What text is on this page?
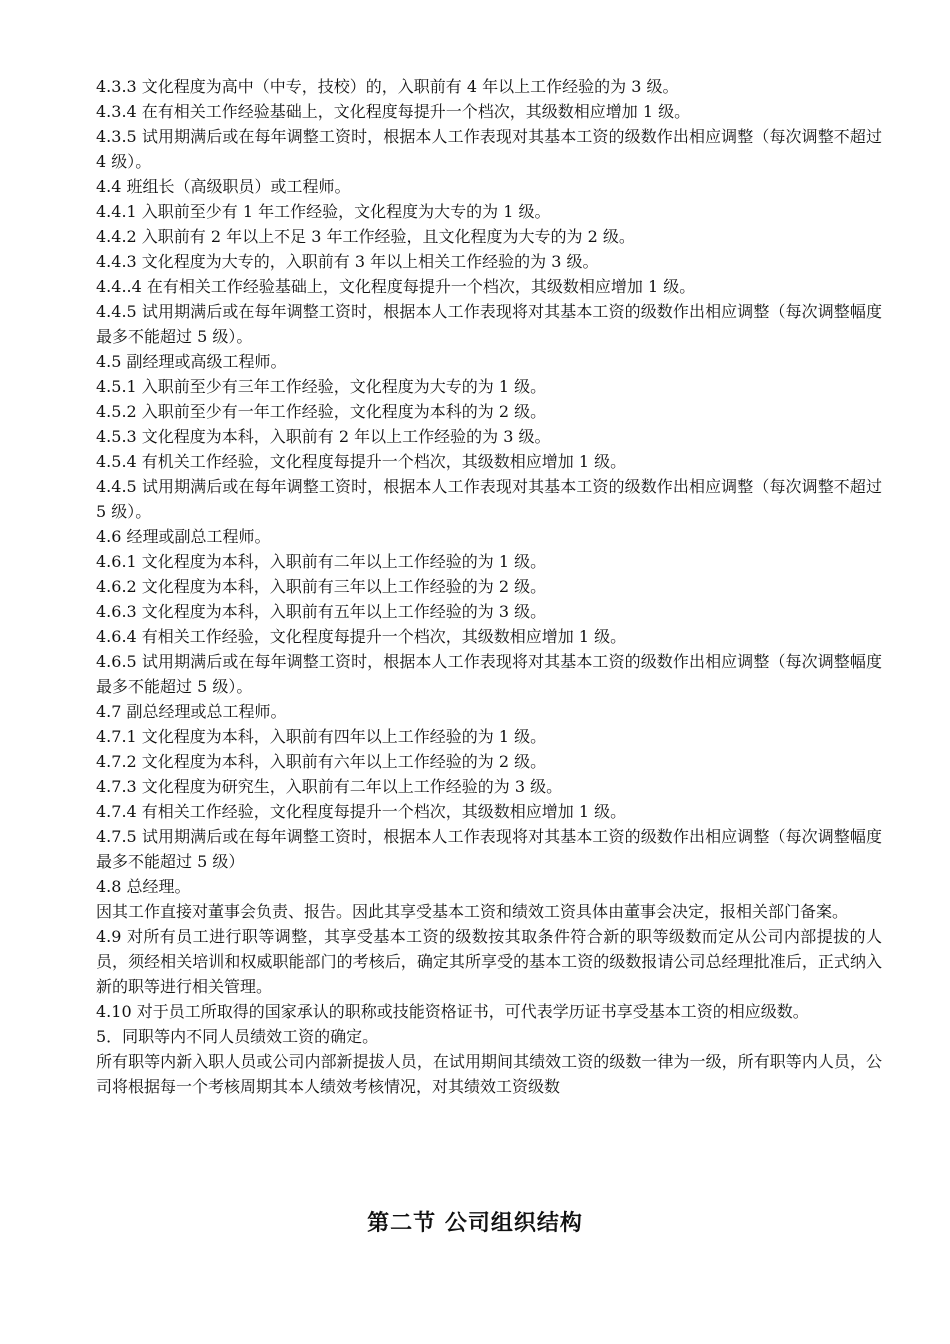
4.3.3 文化程度为高中（中专，技校）的，入职前有 4 年以上工作经验的为 3 级。

4.3.4 在有相关工作经验基础上，文化程度每提升一个档次，其级数相应增加 1 级。

4.3.5 试用期满后或在每年调整工资时，根据本人工作表现对其基本工资的级数作出相应调整（每次调整不超过 4 级）。

4.4 班组长（高级职员）或工程师。

4.4.1 入职前至少有 1 年工作经验，文化程度为大专的为 1 级。

4.4.2 入职前有 2 年以上不足 3 年工作经验，且文化程度为大专的为 2 级。

4.4.3 文化程度为大专的，入职前有 3 年以上相关工作经验的为 3 级。

4.4..4 在有相关工作经验基础上，文化程度每提升一个档次，其级数相应增加 1 级。

4.4.5 试用期满后或在每年调整工资时，根据本人工作表现将对其基本工资的级数作出相应调整（每次调整幅度最多不能超过 5 级）。

4.5 副经理或高级工程师。

4.5.1 入职前至少有三年工作经验，文化程度为大专的为 1 级。

4.5.2 入职前至少有一年工作经验，文化程度为本科的为 2 级。

4.5.3 文化程度为本科，入职前有 2 年以上工作经验的为 3 级。

4.5.4 有机关工作经验，文化程度每提升一个档次，其级数相应增加 1 级。

4.4.5 试用期满后或在每年调整工资时，根据本人工作表现对其基本工资的级数作出相应调整（每次调整不超过 5 级）。

4.6 经理或副总工程师。

4.6.1 文化程度为本科，入职前有二年以上工作经验的为 1 级。

4.6.2 文化程度为本科，入职前有三年以上工作经验的为 2 级。

4.6.3 文化程度为本科，入职前有五年以上工作经验的为 3 级。

4.6.4 有相关工作经验，文化程度每提升一个档次，其级数相应增加 1 级。

4.6.5 试用期满后或在每年调整工资时，根据本人工作表现将对其基本工资的级数作出相应调整（每次调整幅度最多不能超过 5 级）。

4.7 副总经理或总工程师。

4.7.1 文化程度为本科，入职前有四年以上工作经验的为 1 级。

4.7.2 文化程度为本科，入职前有六年以上工作经验的为 2 级。

4.7.3 文化程度为研究生，入职前有二年以上工作经验的为 3 级。

4.7.4 有相关工作经验，文化程度每提升一个档次，其级数相应增加 1 级。

4.7.5 试用期满后或在每年调整工资时，根据本人工作表现将对其基本工资的级数作出相应调整（每次调整幅度最多不能超过 5 级）

4.8 总经理。

因其工作直接对董事会负责、报告。因此其享受基本工资和绩效工资具体由董事会决定，报相关部门备案。

4.9 对所有员工进行职等调整，其享受基本工资的级数按其取条件符合新的职等级数而定从公司内部提拔的人员，须经相关培训和权威职能部门的考核后，确定其所享受的基本工资的级数报请公司总经理批准后，正式纳入新的职等进行相关管理。

4.10 对于员工所取得的国家承认的职称或技能资格证书，可代表学历证书享受基本工资的相应级数。

5．同职等内不同人员绩效工资的确定。

所有职等内新入职人员或公司内部新提拔人员，在试用期间其绩效工资的级数一律为一级，所有职等内人员，公司将根据每一个考核周期其本人绩效考核情况，对其绩效工资级数

第二节 公司组织结构
